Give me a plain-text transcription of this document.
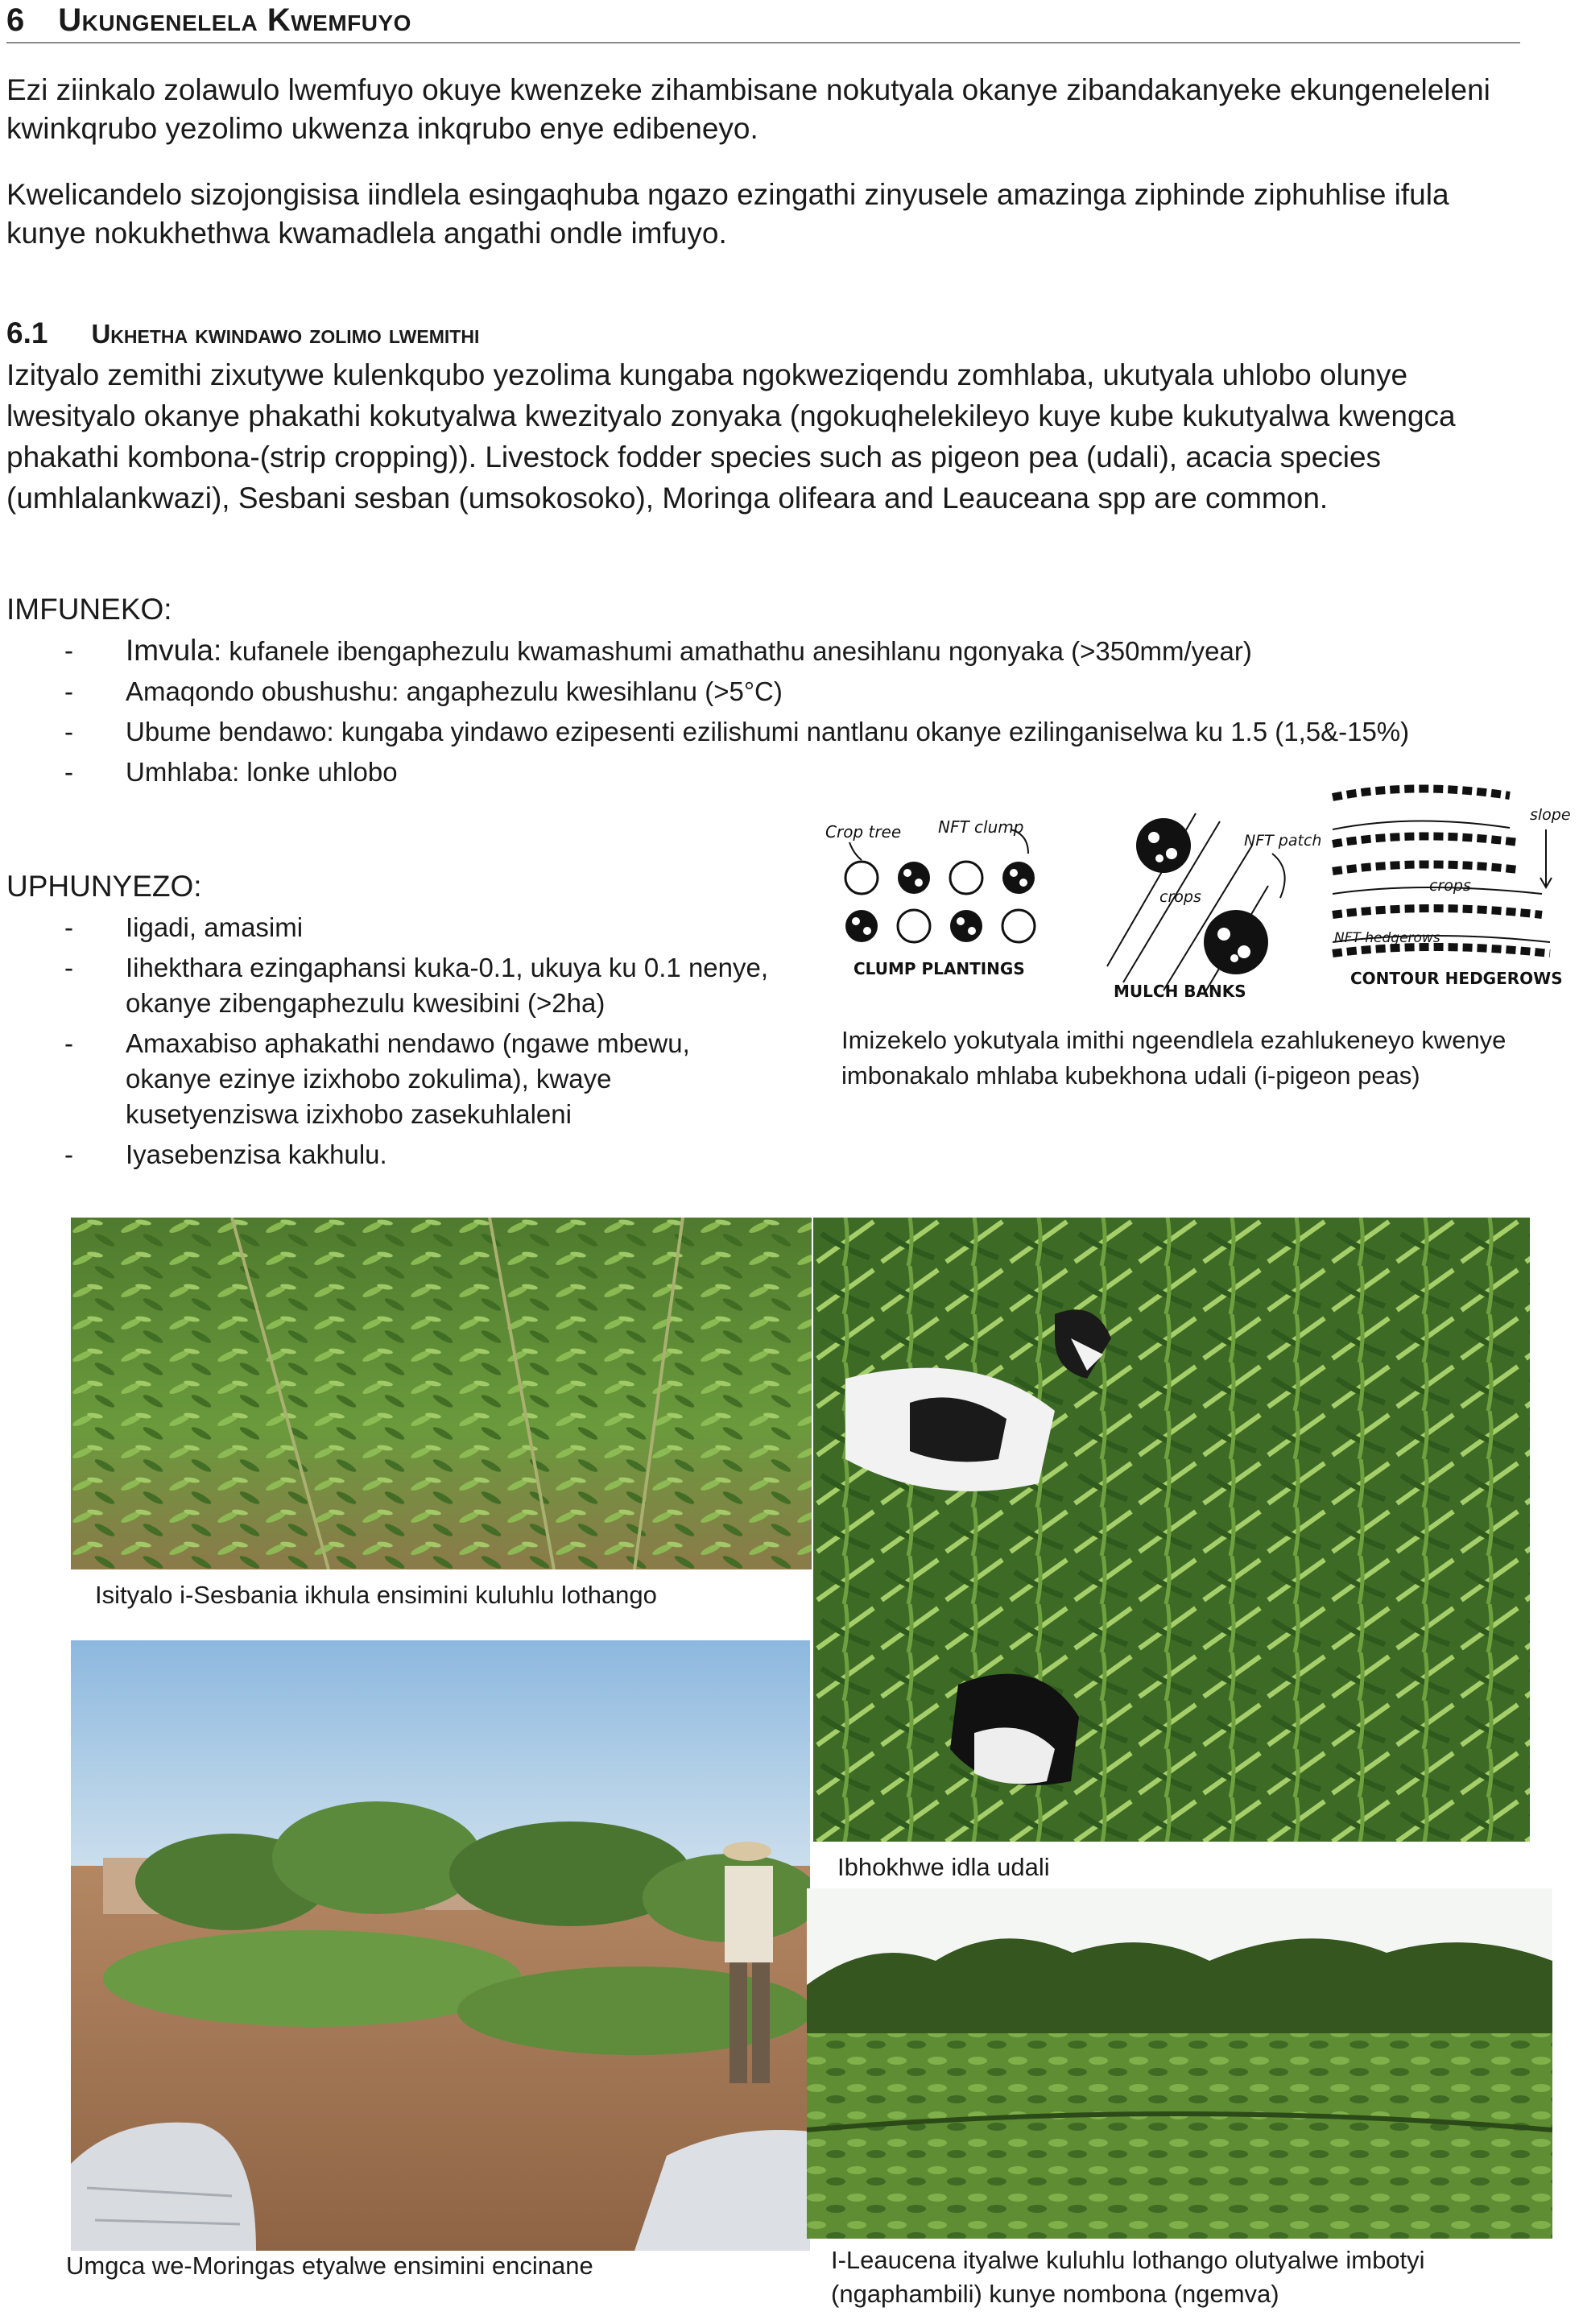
6 Ukungenelela Kwemfuyo
Ezi ziinkalo zolawulo lwemfuyo okuye kwenzeke zihambisane nokutyala okanye zibandakanyeke ekungeneleleni kwinkqrubo yezolimo ukwenza inkqrubo enye edibeneyo.
Kwelicandelo sizojongisisa iindlela esingaqhuba ngazo ezingathi zinyusele amazinga ziphinde ziphuhlise ifula kunye nokukhethwa kwamadlela angathi ondle imfuyo.
6.1 Ukhetha kwindawo zolimo lwemithi
Izityalo zemithi zixutywe kulenkqubo yezolima kungaba ngokweziqendu zomhlaba, ukutyala uhlobo olunye lwesityalo okanye phakathi kokutyalwa kwezityalo zonyaka (ngokuqhelekileyo kuye kube kukutyalwa kwengca phakathi kombona-(strip cropping)). Livestock fodder species such as pigeon pea (udali), acacia species (umhlalankwazi), Sesbani sesban (umsokosoko), Moringa olifeara and Leauceana spp are common.
IMFUNEKO:
- Imvula: kufanele ibengaphezulu kwamashumi amathathu anesihlanu ngonyaka (>350mm/year)
- Amaqondo obushushu: angaphezulu kwesihlanu (>5°C)
- Ubume bendawo: kungaba yindawo ezipesenti ezilishumi nantlanu okanye ezilinganiselwa ku 1.5 (1,5&-15%)
- Umhlaba: lonke uhlobo
UPHUNYEZO:
- Iigadi, amasimi
- Iihekthara ezingaphansi kuka-0.1, ukuya ku 0.1 nenye, okanye zibengaphezulu kwesibini (>2ha)
- Amaxabiso aphakathi nendawo (ngawe mbewu, okanye ezinye izixhobo zokulima), kwaye kusetyenziswa izixhobo zasekuhlaleni
- Iyasebenzisa kakhulu.
Crop tree NFT clump
CLUMP PLANTINGS
NFT patch
crops
MULCH BANKS
slope
crops
NFT hedgerows
CONTOUR HEDGEROWS
Imizekelo yokutyala imithi ngeendlela ezahlukeneyo kwenye imbonakalo mhlaba kubekhona udali (i-pigeon peas)
Isityalo i-Sesbania ikhula ensimini kuluhlu lothango
Ibhokhwe idla udali
Umgca we-Moringas etyalwe ensimini encinane	I-Leaucena ityalwe kuluhlu lothango olutyalwe imbotyi (ngaphambili) kunye nombona (ngemva)
